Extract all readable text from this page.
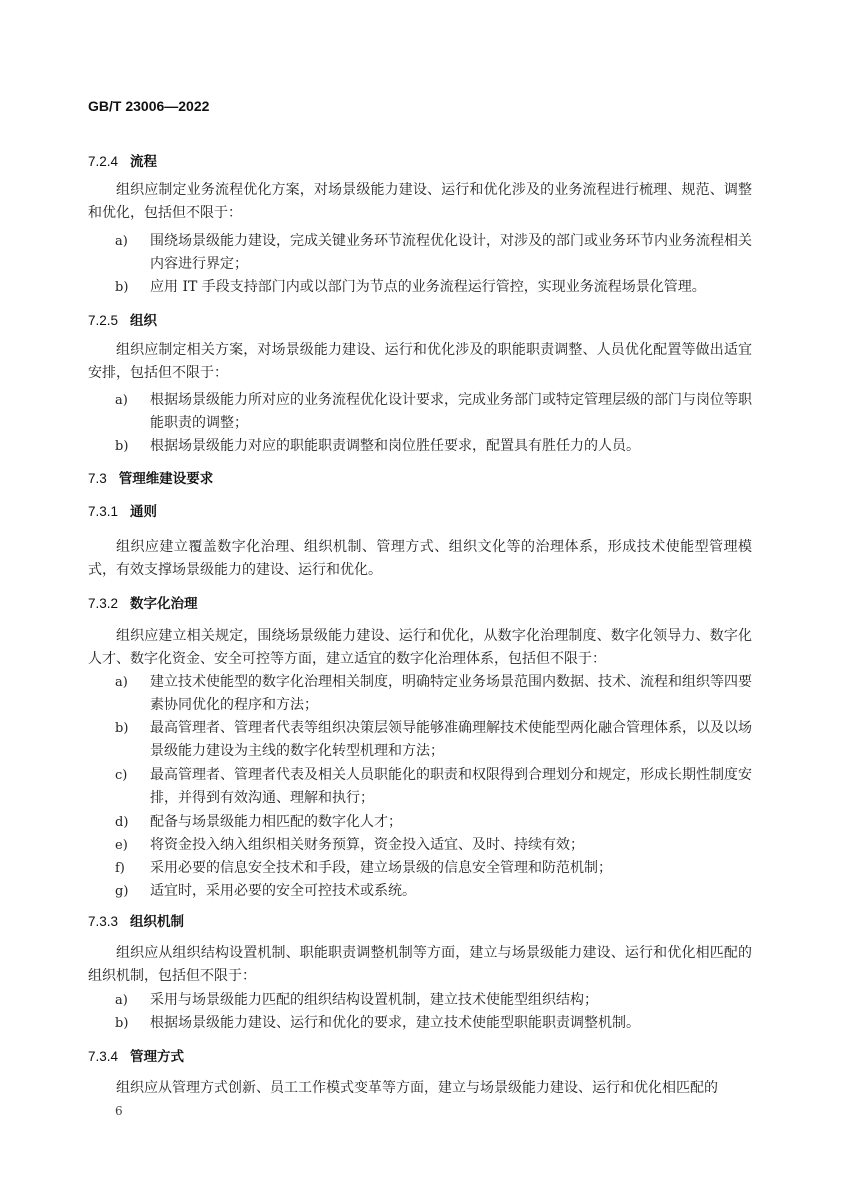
GB/T 23006—2022
7.2.4 流程
组织应制定业务流程优化方案，对场景级能力建设、运行和优化涉及的业务流程进行梳理、规范、调整和优化，包括但不限于：
a) 围绕场景级能力建设，完成关键业务环节流程优化设计，对涉及的部门或业务环节内业务流程相关内容进行界定；
b) 应用 IT 手段支持部门内或以部门为节点的业务流程运行管控，实现业务流程场景化管理。
7.2.5 组织
组织应制定相关方案，对场景级能力建设、运行和优化涉及的职能职责调整、人员优化配置等做出适宜安排，包括但不限于：
a) 根据场景级能力所对应的业务流程优化设计要求，完成业务部门或特定管理层级的部门与岗位等职能职责的调整；
b) 根据场景级能力对应的职能职责调整和岗位胜任要求，配置具有胜任力的人员。
7.3 管理维建设要求
7.3.1 通则
组织应建立覆盖数字化治理、组织机制、管理方式、组织文化等的治理体系，形成技术使能型管理模式，有效支撑场景级能力的建设、运行和优化。
7.3.2 数字化治理
组织应建立相关规定，围绕场景级能力建设、运行和优化，从数字化治理制度、数字化领导力、数字化人才、数字化资金、安全可控等方面，建立适宜的数字化治理体系，包括但不限于：
a) 建立技术使能型的数字化治理相关制度，明确特定业务场景范围内数据、技术、流程和组织等四要素协同优化的程序和方法；
b) 最高管理者、管理者代表等组织决策层领导能够准确理解技术使能型两化融合管理体系，以及以场景级能力建设为主线的数字化转型机理和方法；
c) 最高管理者、管理者代表及相关人员职能化的职责和权限得到合理划分和规定，形成长期性制度安排，并得到有效沟通、理解和执行；
d) 配备与场景级能力相匹配的数字化人才；
e) 将资金投入纳入组织相关财务预算，资金投入适宜、及时、持续有效；
f) 采用必要的信息安全技术和手段，建立场景级的信息安全管理和防范机制；
g) 适宜时，采用必要的安全可控技术或系统。
7.3.3 组织机制
组织应从组织结构设置机制、职能职责调整机制等方面，建立与场景级能力建设、运行和优化相匹配的组织机制，包括但不限于：
a) 采用与场景级能力匹配的组织结构设置机制，建立技术使能型组织结构；
b) 根据场景级能力建设、运行和优化的要求，建立技术使能型职能职责调整机制。
7.3.4 管理方式
组织应从管理方式创新、员工工作模式变革等方面，建立与场景级能力建设、运行和优化相匹配的
6
